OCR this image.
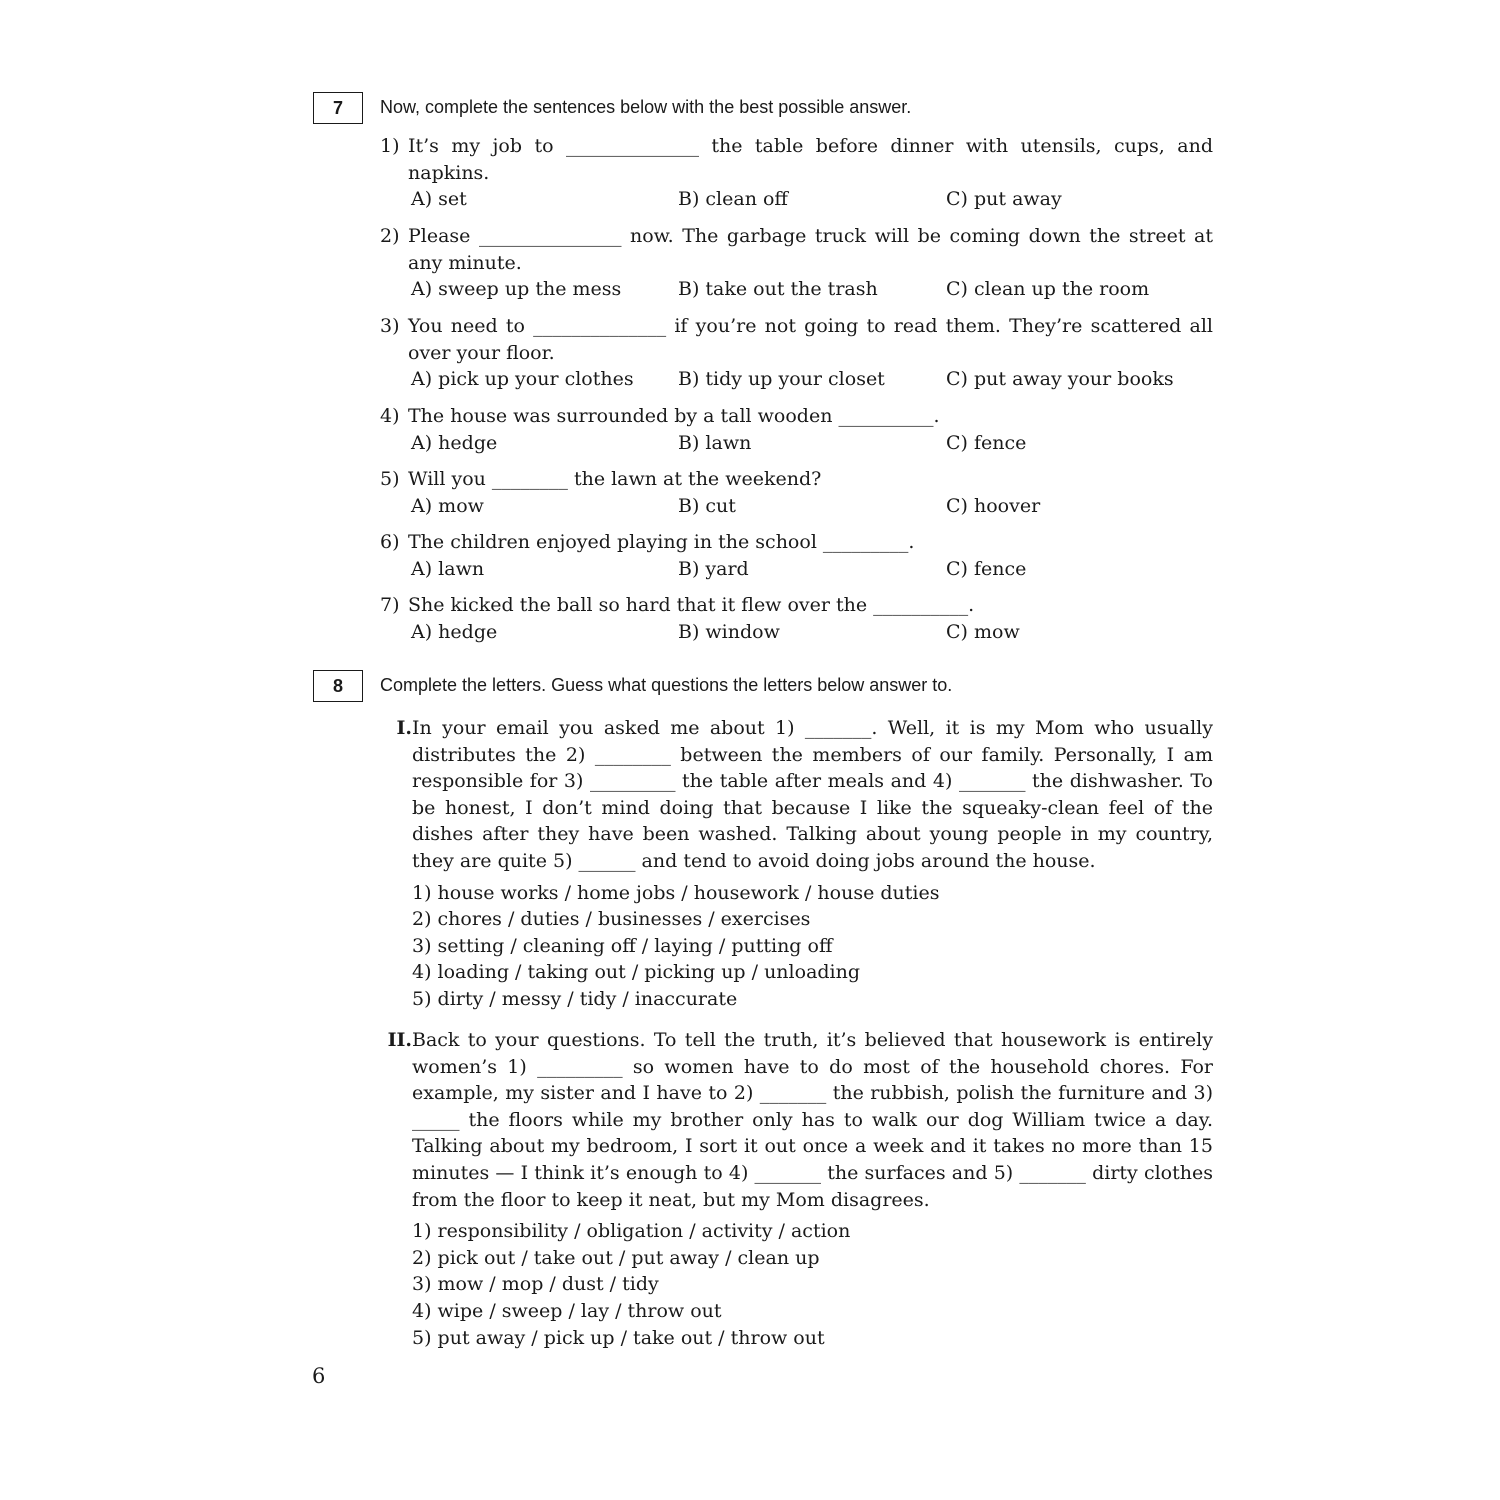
7 Now, complete the sentences below with the best possible answer.
1) It’s my job to ______________ the table before dinner with utensils, cups, and napkins.
A) set	B) clean off	C) put away
2) Please _______________ now. The garbage truck will be coming down the street at any minute.
A) sweep up the mess	B) take out the trash	C) clean up the room
3) You need to ______________ if you’re not going to read them. They’re scattered all over your floor.
A) pick up your clothes B) tidy up your closet	C) put away your books
4) The house was surrounded by a tall wooden __________.
A) hedge	B) lawn	C) fence
5) Will you ________ the lawn at the weekend?
A) mow	B) cut	C) hoover
6) The children enjoyed playing in the school _________.
A) lawn	B) yard	C) fence
7) She kicked the ball so hard that it flew over the __________.
A) hedge	B) window	C) mow
8 Complete the letters. Guess what questions the letters below answer to.
I. In your email you asked me about 1) _______. Well, it is my Mom who usually distributes the 2) ________ between the members of our family. Personally, I am responsible for 3) _________ the table after meals and 4) _______ the dishwasher. To be honest, I don’t mind doing that because I like the squeaky-clean feel of the dishes after they have been washed. Talking about young people in my country, they are quite 5) ______ and tend to avoid doing jobs around the house.
1) house works / home jobs / housework / house duties
2) chores / duties / businesses / exercises
3) setting / cleaning off / laying / putting off
4) loading / taking out / picking up / unloading
5) dirty / messy / tidy / inaccurate
II. Back to your questions. To tell the truth, it’s believed that housework is entirely women’s 1) _________ so women have to do most of the household chores. For example, my sister and I have to 2) _______ the rubbish, polish the furniture and 3) _____ the floors while my brother only has to walk our dog William twice a day. Talking about my bedroom, I sort it out once a week and it takes no more than 15 minutes — I think it’s enough to 4) _______ the surfaces and 5) _______ dirty clothes from the floor to keep it neat, but my Mom disagrees.
1) responsibility / obligation / activity / action
2) pick out / take out / put away / clean up
3) mow / mop / dust / tidy
4) wipe / sweep / lay / throw out
5) put away / pick up / take out / throw out
6
